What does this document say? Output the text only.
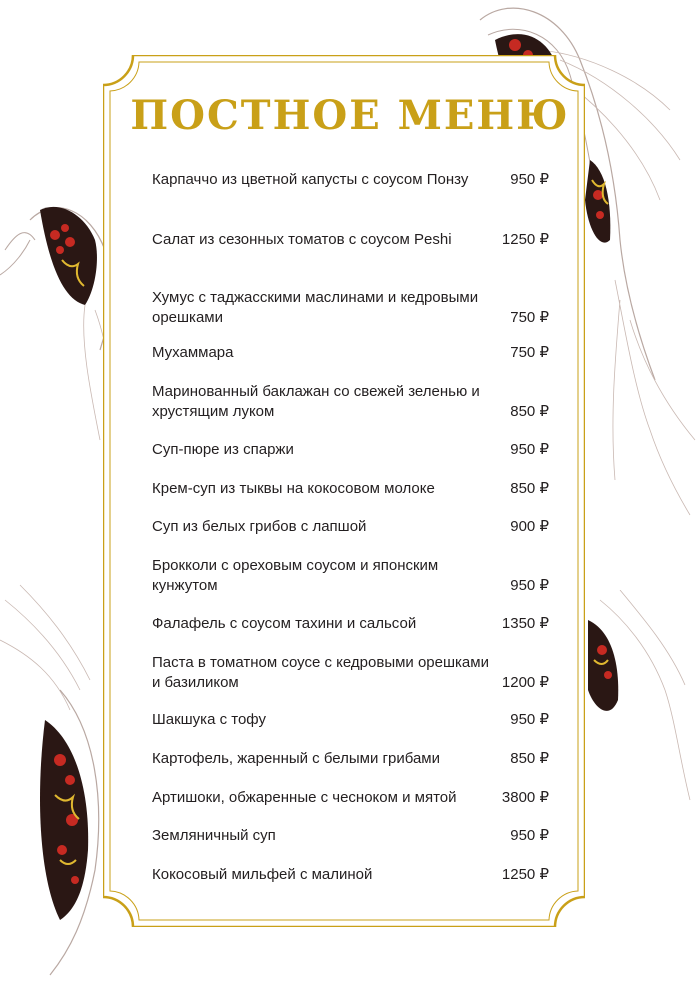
ПОСТНОЕ МЕНЮ
Карпаччо из цветной капусты с соусом Понзу	950 ₽
Салат из сезонных томатов с соусом Peshi	1250 ₽
Хумус с таджасскими маслинами и кедровыми орешками	750 ₽
Мухаммара	750 ₽
Маринованный баклажан со свежей зеленью и хрустящим луком	850 ₽
Суп-пюре из спаржи	950 ₽
Крем-суп из тыквы на кокосовом молоке	850 ₽
Суп из белых грибов с лапшой	900 ₽
Брокколи с ореховым соусом и японским кунжутом	950 ₽
Фалафель с соусом тахини и сальсой	1350 ₽
Паста в томатном соусе с кедровыми орешками и базиликом	1200 ₽
Шакшука с тофу	950 ₽
Картофель, жаренный с белыми грибами	850 ₽
Артишоки, обжаренные с чесноком и мятой	3800 ₽
Земляничный суп	950 ₽
Кокосовый мильфей с малиной	1250 ₽
